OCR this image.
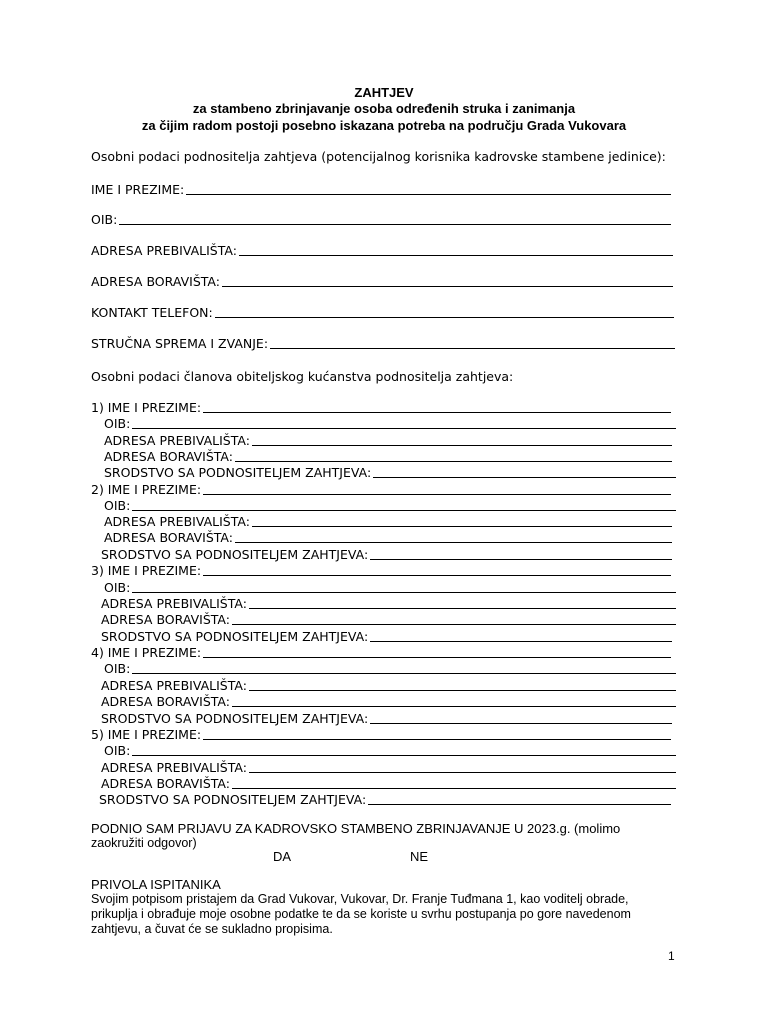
ZAHTJEV
za stambeno zbrinjavanje osoba određenih struka i zanimanja
za čijim radom postoji posebno iskazana potreba na području Grada Vukovara
Osobni podaci podnositelja zahtjeva (potencijalnog korisnika kadrovske stambene jedinice):
IME I PREZIME:
OIB:
ADRESA PREBIVALIŠTA:
ADRESA BORAVIŠTA:
KONTAKT TELEFON:
STRUČNA SPREMA I ZVANJE:
Osobni podaci članova obiteljskog kućanstva podnositelja zahtjeva:
1) IME I PREZIME:
OIB:
ADRESA PREBIVALIŠTA:
ADRESA BORAVIŠTA:
SRODSTVO SA PODNOSITELJEM ZAHTJEVA:
2) IME I PREZIME:
OIB:
ADRESA PREBIVALIŠTA:
ADRESA BORAVIŠTA:
SRODSTVO SA PODNOSITELJEM ZAHTJEVA:
3) IME I PREZIME:
OIB:
ADRESA PREBIVALIŠTA:
ADRESA BORAVIŠTA:
SRODSTVO SA PODNOSITELJEM ZAHTJEVA:
4) IME I PREZIME:
OIB:
ADRESA PREBIVALIŠTA:
ADRESA BORAVIŠTA:
SRODSTVO SA PODNOSITELJEM ZAHTJEVA:
5) IME I PREZIME:
OIB:
ADRESA PREBIVALIŠTA:
ADRESA BORAVIŠTA:
SRODSTVO SA PODNOSITELJEM ZAHTJEVA:
PODNIO SAM PRIJAVU ZA KADROVSKO STAMBENO ZBRINJAVANJE U 2023.g. (molimo
zaokružiti odgovor)
DA	NE
PRIVOLA ISPITANIKA
Svojim potpisom pristajem da Grad Vukovar, Vukovar, Dr. Franje Tuđmana 1, kao voditelj obrade,
prikuplja i obrađuje moje osobne podatke te da se koriste u svrhu postupanja po gore navedenom
zahtjevu, a čuvat će se sukladno propisima.
1
